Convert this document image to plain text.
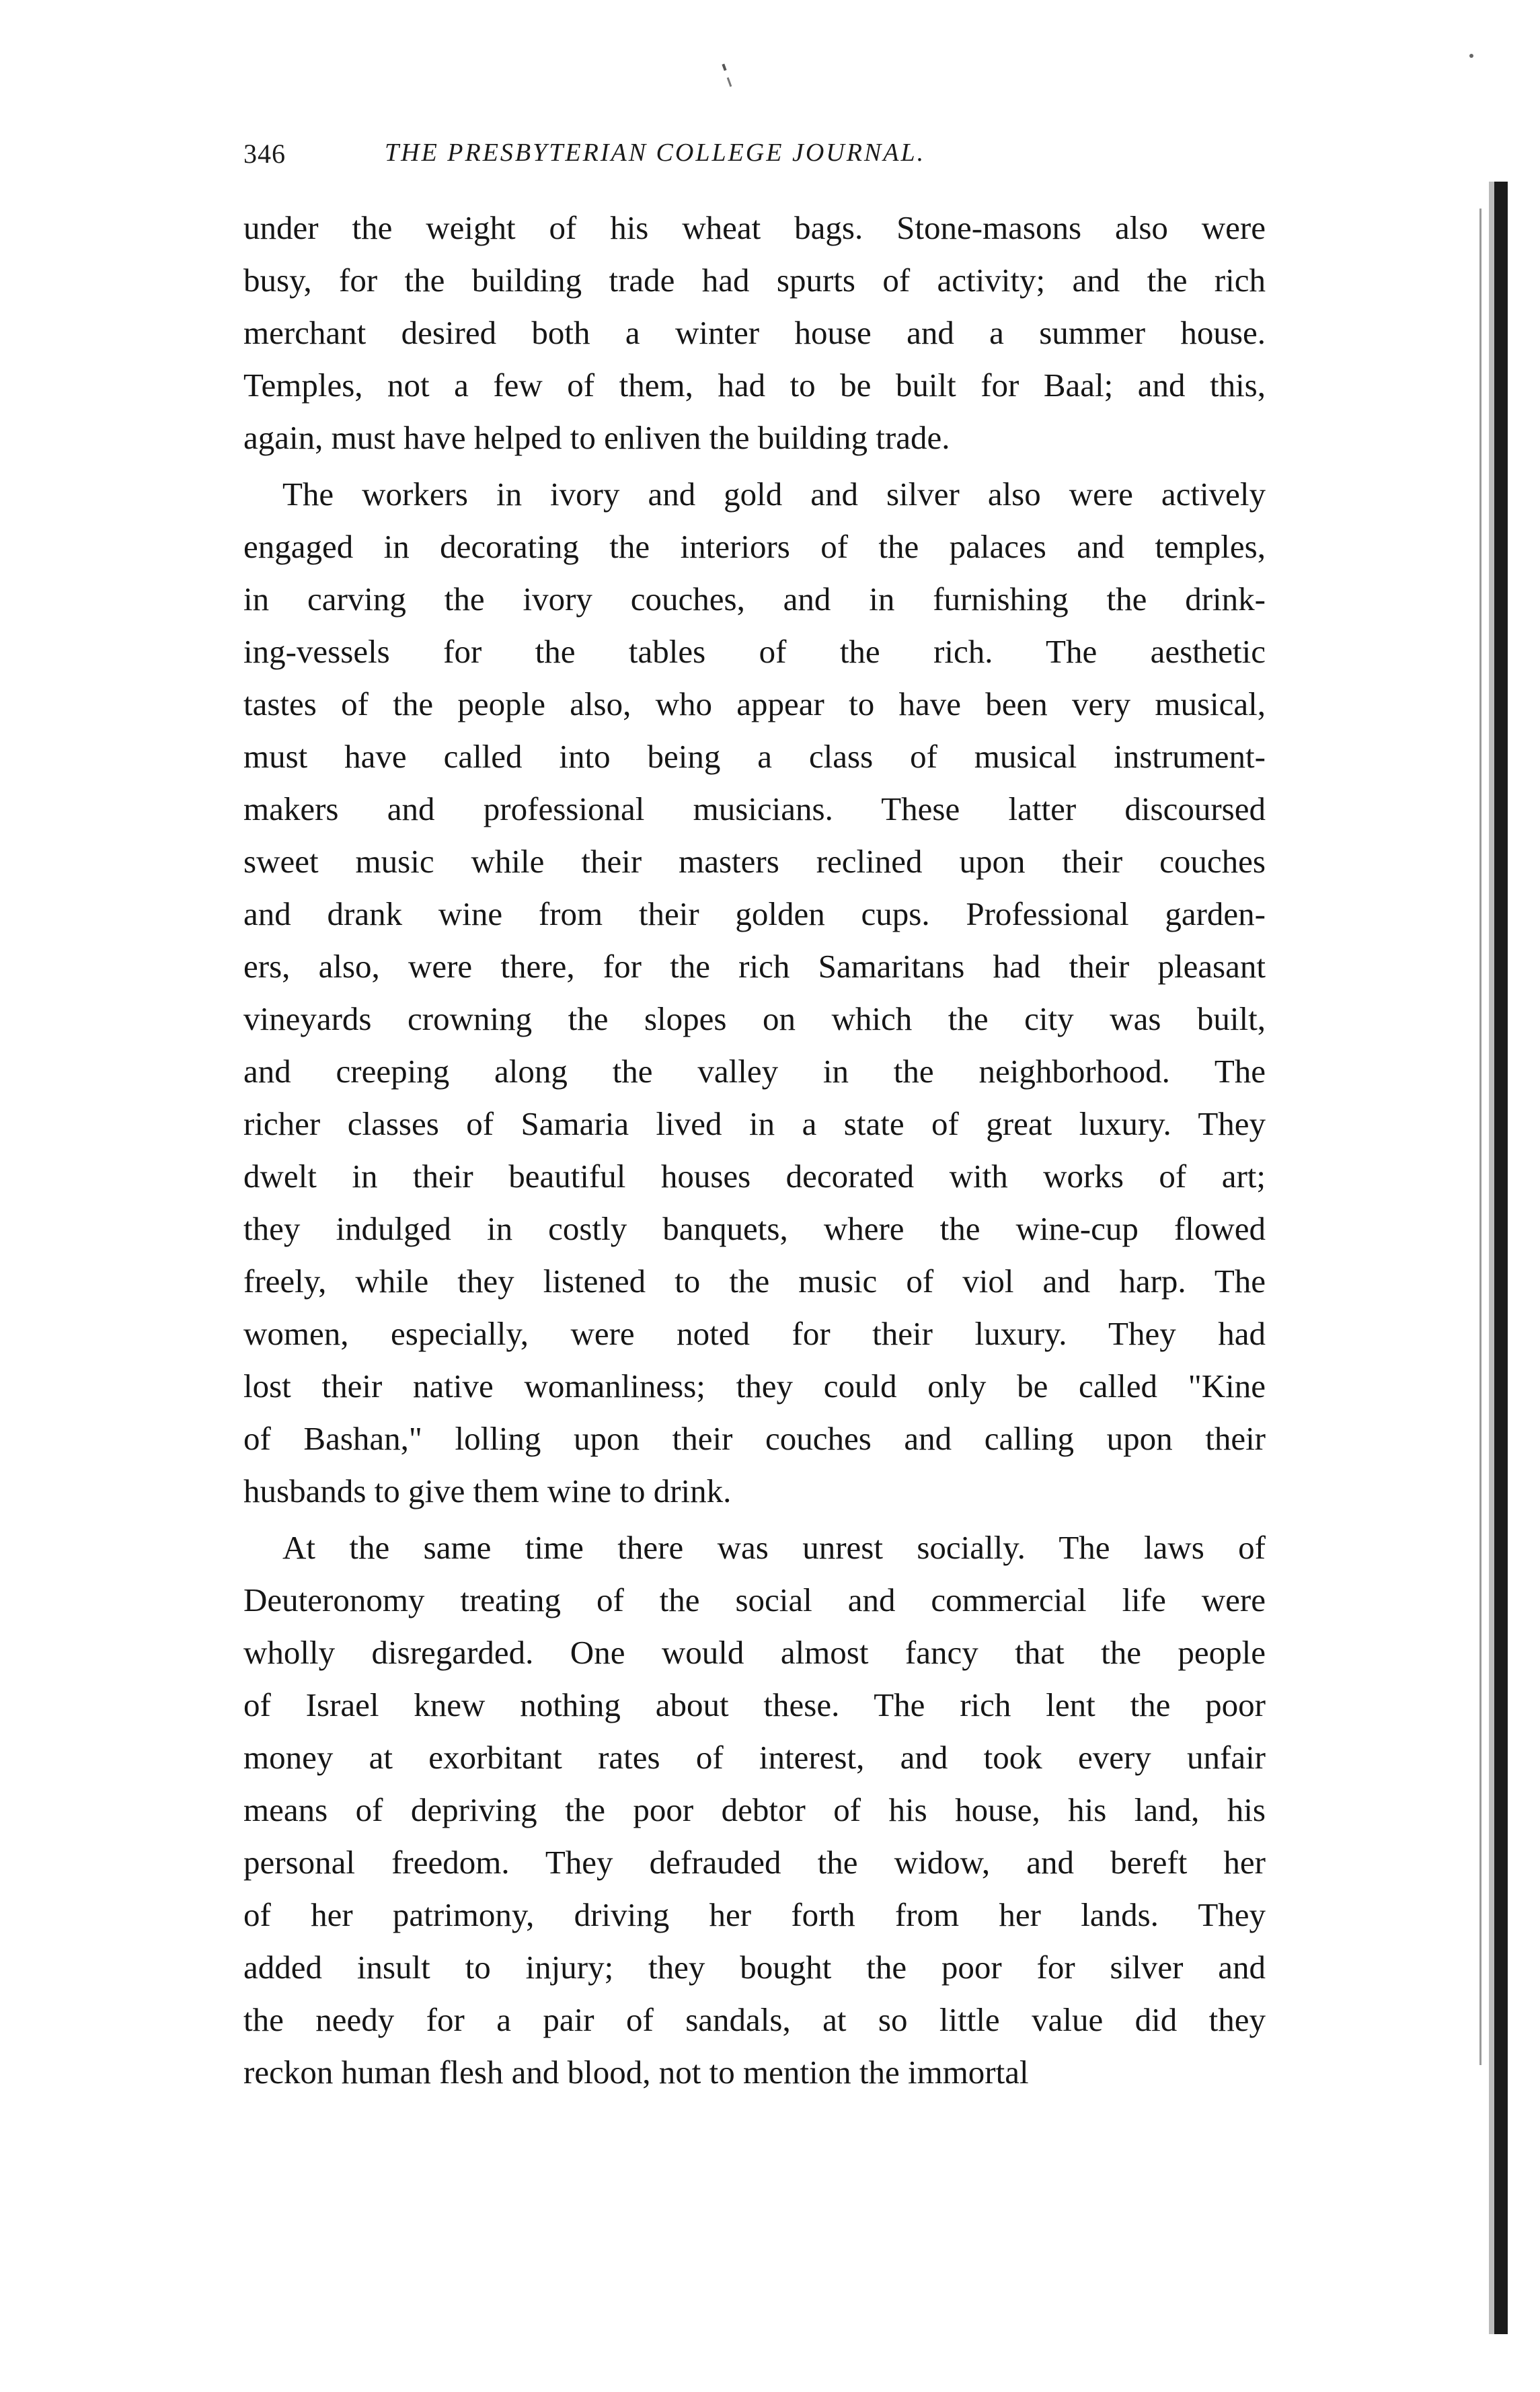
346	THE PRESBYTERIAN COLLEGE JOURNAL.
under the weight of his wheat bags. Stone-masons also were
busy, for the building trade had spurts of activity; and the rich
merchant desired both a winter house and a summer house.
Temples, not a few of them, had to be built for Baal; and this,
again, must have helped to enliven the building trade.
The workers in ivory and gold and silver also were actively
engaged in decorating the interiors of the palaces and temples,
in carving the ivory couches, and in furnishing the drink-
ing-vessels for the tables of the rich. The aesthetic
tastes of the people also, who appear to have been very musical,
must have called into being a class of musical instrument-
makers and professional musicians. These latter discoursed
sweet music while their masters reclined upon their couches
and drank wine from their golden cups. Professional garden-
ers, also, were there, for the rich Samaritans had their pleasant
vineyards crowning the slopes on which the city was built,
and creeping along the valley in the neighborhood. The
richer classes of Samaria lived in a state of great luxury. They
dwelt in their beautiful houses decorated with works of art;
they indulged in costly banquets, where the wine-cup flowed
freely, while they listened to the music of viol and harp. The
women, especially, were noted for their luxury. They had
lost their native womanliness; they could only be called "Kine
of Bashan," lolling upon their couches and calling upon their
husbands to give them wine to drink.
At the same time there was unrest socially. The laws of
Deuteronomy treating of the social and commercial life were
wholly disregarded. One would almost fancy that the people
of Israel knew nothing about these. The rich lent the poor
money at exorbitant rates of interest, and took every unfair
means of depriving the poor debtor of his house, his land, his
personal freedom. They defrauded the widow, and bereft her
of her patrimony, driving her forth from her lands. They
added insult to injury; they bought the poor for silver and
the needy for a pair of sandals, at so little value did they
reckon human flesh and blood, not to mention the immortal
